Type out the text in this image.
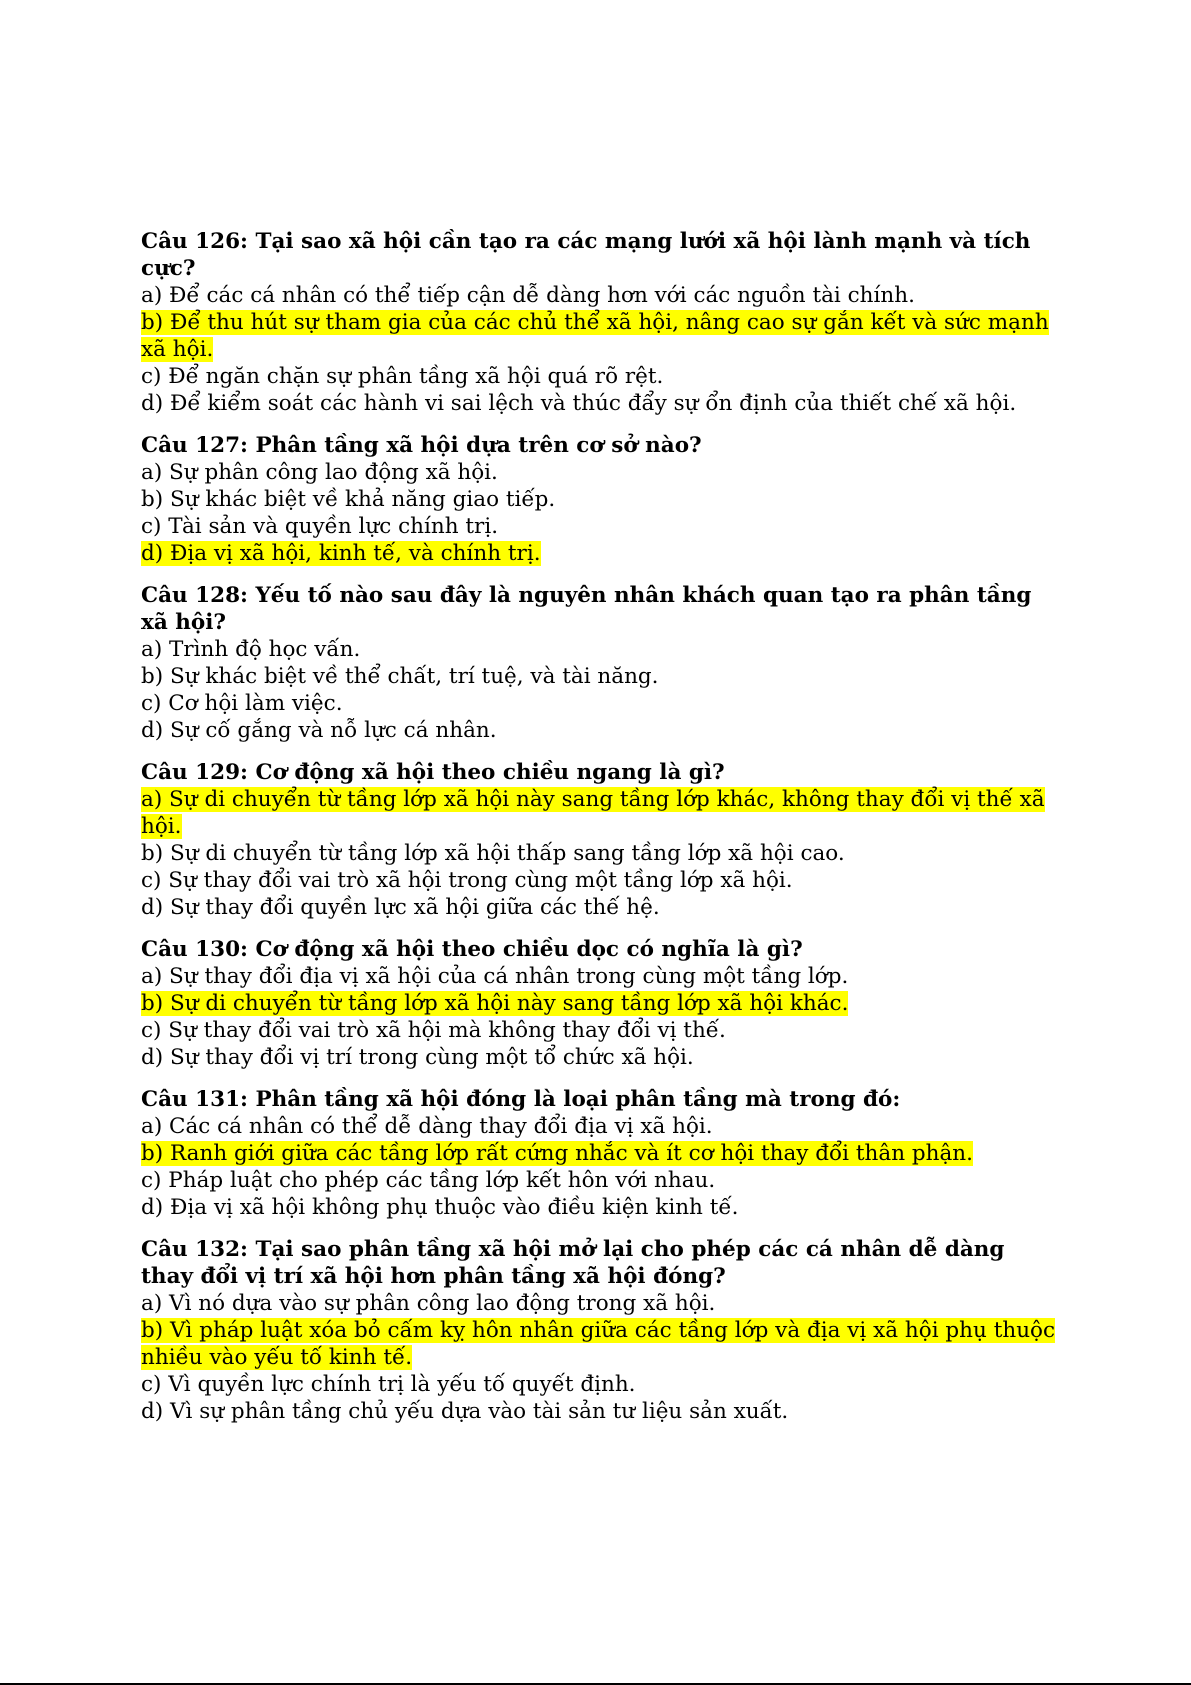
Câu 126: Tại sao xã hội cần tạo ra các mạng lưới xã hội lành mạnh và tích cực?

a) Để các cá nhân có thể tiếp cận dễ dàng hơn với các nguồn tài chính.

b) Để thu hút sự tham gia của các chủ thể xã hội, nâng cao sự gắn kết và sức mạnh xã hội.

c) Để ngăn chặn sự phân tầng xã hội quá rõ rệt.

d) Để kiểm soát các hành vi sai lệch và thúc đẩy sự ổn định của thiết chế xã hội.

Câu 127: Phân tầng xã hội dựa trên cơ sở nào?

a) Sự phân công lao động xã hội.

b) Sự khác biệt về khả năng giao tiếp.

c) Tài sản và quyền lực chính trị.

d) Địa vị xã hội, kinh tế, và chính trị.

Câu 128: Yếu tố nào sau đây là nguyên nhân khách quan tạo ra phân tầng xã hội?

a) Trình độ học vấn.

b) Sự khác biệt về thể chất, trí tuệ, và tài năng.

c) Cơ hội làm việc.

d) Sự cố gắng và nỗ lực cá nhân.

Câu 129: Cơ động xã hội theo chiều ngang là gì?

a) Sự di chuyển từ tầng lớp xã hội này sang tầng lớp khác, không thay đổi vị thế xã hội.

b) Sự di chuyển từ tầng lớp xã hội thấp sang tầng lớp xã hội cao.

c) Sự thay đổi vai trò xã hội trong cùng một tầng lớp xã hội.

d) Sự thay đổi quyền lực xã hội giữa các thế hệ.

Câu 130: Cơ động xã hội theo chiều dọc có nghĩa là gì?

a) Sự thay đổi địa vị xã hội của cá nhân trong cùng một tầng lớp.

b) Sự di chuyển từ tầng lớp xã hội này sang tầng lớp xã hội khác.

c) Sự thay đổi vai trò xã hội mà không thay đổi vị thế.

d) Sự thay đổi vị trí trong cùng một tổ chức xã hội.

Câu 131: Phân tầng xã hội đóng là loại phân tầng mà trong đó:

a) Các cá nhân có thể dễ dàng thay đổi địa vị xã hội.

b) Ranh giới giữa các tầng lớp rất cứng nhắc và ít cơ hội thay đổi thân phận.

c) Pháp luật cho phép các tầng lớp kết hôn với nhau.

d) Địa vị xã hội không phụ thuộc vào điều kiện kinh tế.

Câu 132: Tại sao phân tầng xã hội mở lại cho phép các cá nhân dễ dàng thay đổi vị trí xã hội hơn phân tầng xã hội đóng?

a) Vì nó dựa vào sự phân công lao động trong xã hội.

b) Vì pháp luật xóa bỏ cấm kỵ hôn nhân giữa các tầng lớp và địa vị xã hội phụ thuộc nhiều vào yếu tố kinh tế.

c) Vì quyền lực chính trị là yếu tố quyết định.

d) Vì sự phân tầng chủ yếu dựa vào tài sản tư liệu sản xuất.
